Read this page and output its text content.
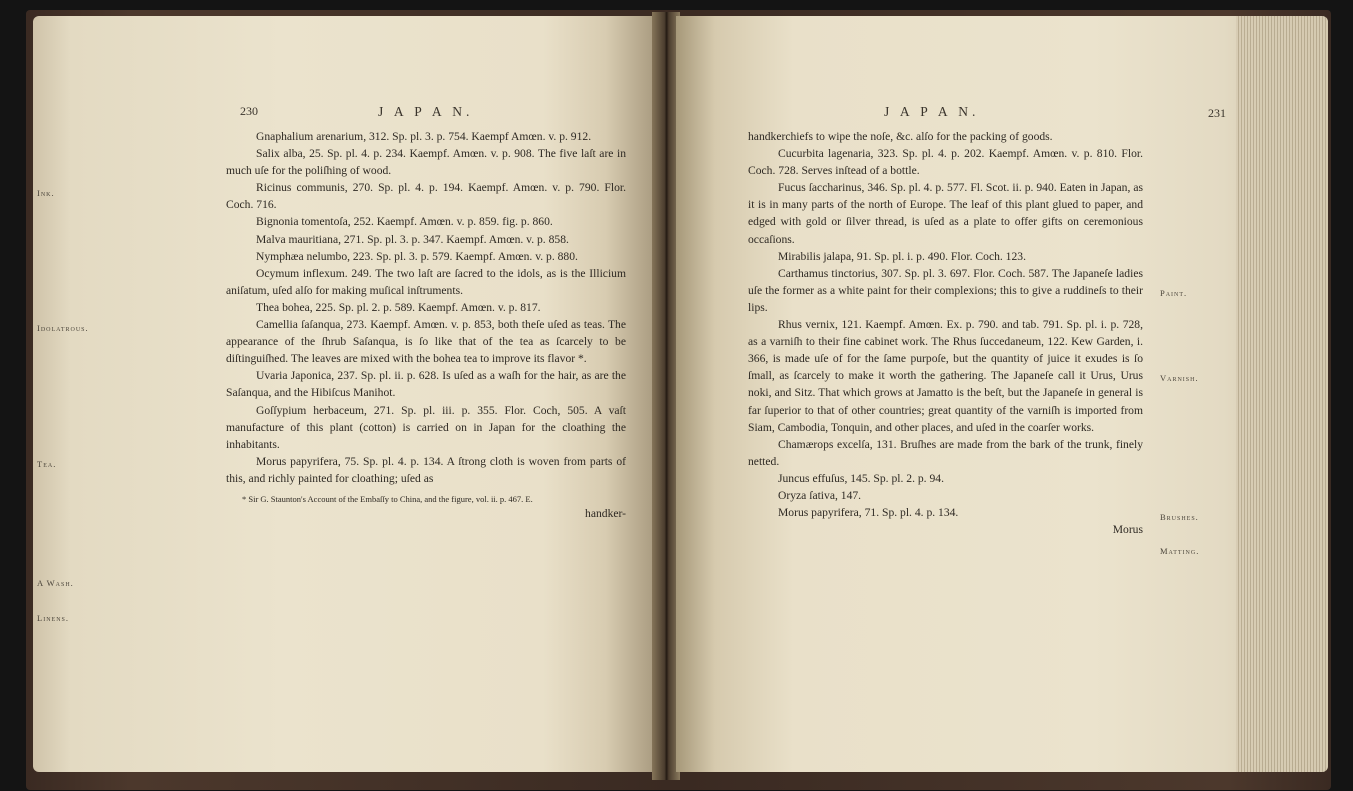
230	J A P A N.
Ink.
Idolatrous.
Tea.
A Wash.
Linens.

Gnaphalium arenarium, 312. Sp. pl. 3. p. 754. Kaempf Amœn. v. p. 912.

Salix alba, 25. Sp. pl. 4. p. 234. Kaempf. Amœn. v. p. 908. The five laſt are in much uſe for the poliſhing of wood.

Ricinus communis, 270. Sp. pl. 4. p. 194. Kaempf. Amœn. v. p. 790. Flor. Coch. 716.

Bignonia tomentoſa, 252. Kaempf. Amœn. v. p. 859. fig. p. 860.

Malva mauritiana, 271. Sp. pl. 3. p. 347. Kaempf. Amœn. v. p. 858.

Nymphæa nelumbo, 223. Sp. pl. 3. p. 579. Kaempf. Amœn. v. p. 880.

Ocymum inflexum. 249. The two laſt are ſacred to the idols, as is the Illicium aniſatum, uſed alſo for making muſical inſtruments.

Thea bohea, 225. Sp. pl. 2. p. 589. Kaempf. Amœn. v. p. 817.

Camellia ſaſanqua, 273. Kaempf. Amœn. v. p. 853, both theſe uſed as teas. The appearance of the ſhrub Saſanqua, is ſo like that of the tea as ſcarcely to be diſtinguiſhed. The leaves are mixed with the bohea tea to improve its flavor *.

Uvaria Japonica, 237. Sp. pl. ii. p. 628. Is uſed as a waſh for the hair, as are the Saſanqua, and the Hibiſcus Manihot.

Goſſypium herbaceum, 271. Sp. pl. iii. p. 355. Flor. Coch, 505. A vaſt manufacture of this plant (cotton) is carried on in Japan for the cloathing the inhabitants.

Morus papyrifera, 75. Sp. pl. 4. p. 134. A ſtrong cloth is woven from parts of this, and richly painted for cloathing; uſed as

* Sir G. Staunton's Account of the Embaſſy to China, and the figure, vol. ii. p. 467. E.

handker-

J A P A N.	231

handkerchiefs to wipe the noſe, &c. alſo for the packing of goods.

Cucurbita lagenaria, 323. Sp. pl. 4. p. 202. Kaempf. Amœn. v. p. 810. Flor. Coch. 728. Serves inſtead of a bottle.

Fucus ſaccharinus, 346. Sp. pl. 4. p. 577. Fl. Scot. ii. p. 940. Eaten in Japan, as it is in many parts of the north of Europe. The leaf of this plant glued to paper, and edged with gold or ſilver thread, is uſed as a plate to offer gifts on ceremonious occaſions.

Mirabilis jalapa, 91. Sp. pl. i. p. 490. Flor. Coch. 123.

Carthamus tinctorius, 307. Sp. pl. 3. 697. Flor. Coch. 587. The Japaneſe ladies uſe the former as a white paint for their complexions; this to give a ruddineſs to their lips.

Rhus vernix, 121. Kaempf. Amœn. Ex. p. 790. and tab. 791. Sp. pl. i. p. 728, as a varniſh to their fine cabinet work. The Rhus ſuccedaneum, 122. Kew Garden, i. 366, is made uſe of for the ſame purpoſe, but the quantity of juice it exudes is ſo ſmall, as ſcarcely to make it worth the gathering. The Japaneſe call it Urus, Urus noki, and Sitz. That which grows at Jamatto is the beſt, but the Japaneſe in general is far ſuperior to that of other countries; great quantity of the varniſh is imported from Siam, Cambodia, Tonquin, and other places, and uſed in the coarſer works.

Chamærops excelſa, 131. Bruſhes are made from the bark of the trunk, finely netted.

Juncus effuſus, 145. Sp. pl. 2. p. 94.

Oryza ſativa, 147.

Morus papyrifera, 71. Sp. pl. 4. p. 134.

Morus

Paint.
Varnish.
Brushes.
Matting.
